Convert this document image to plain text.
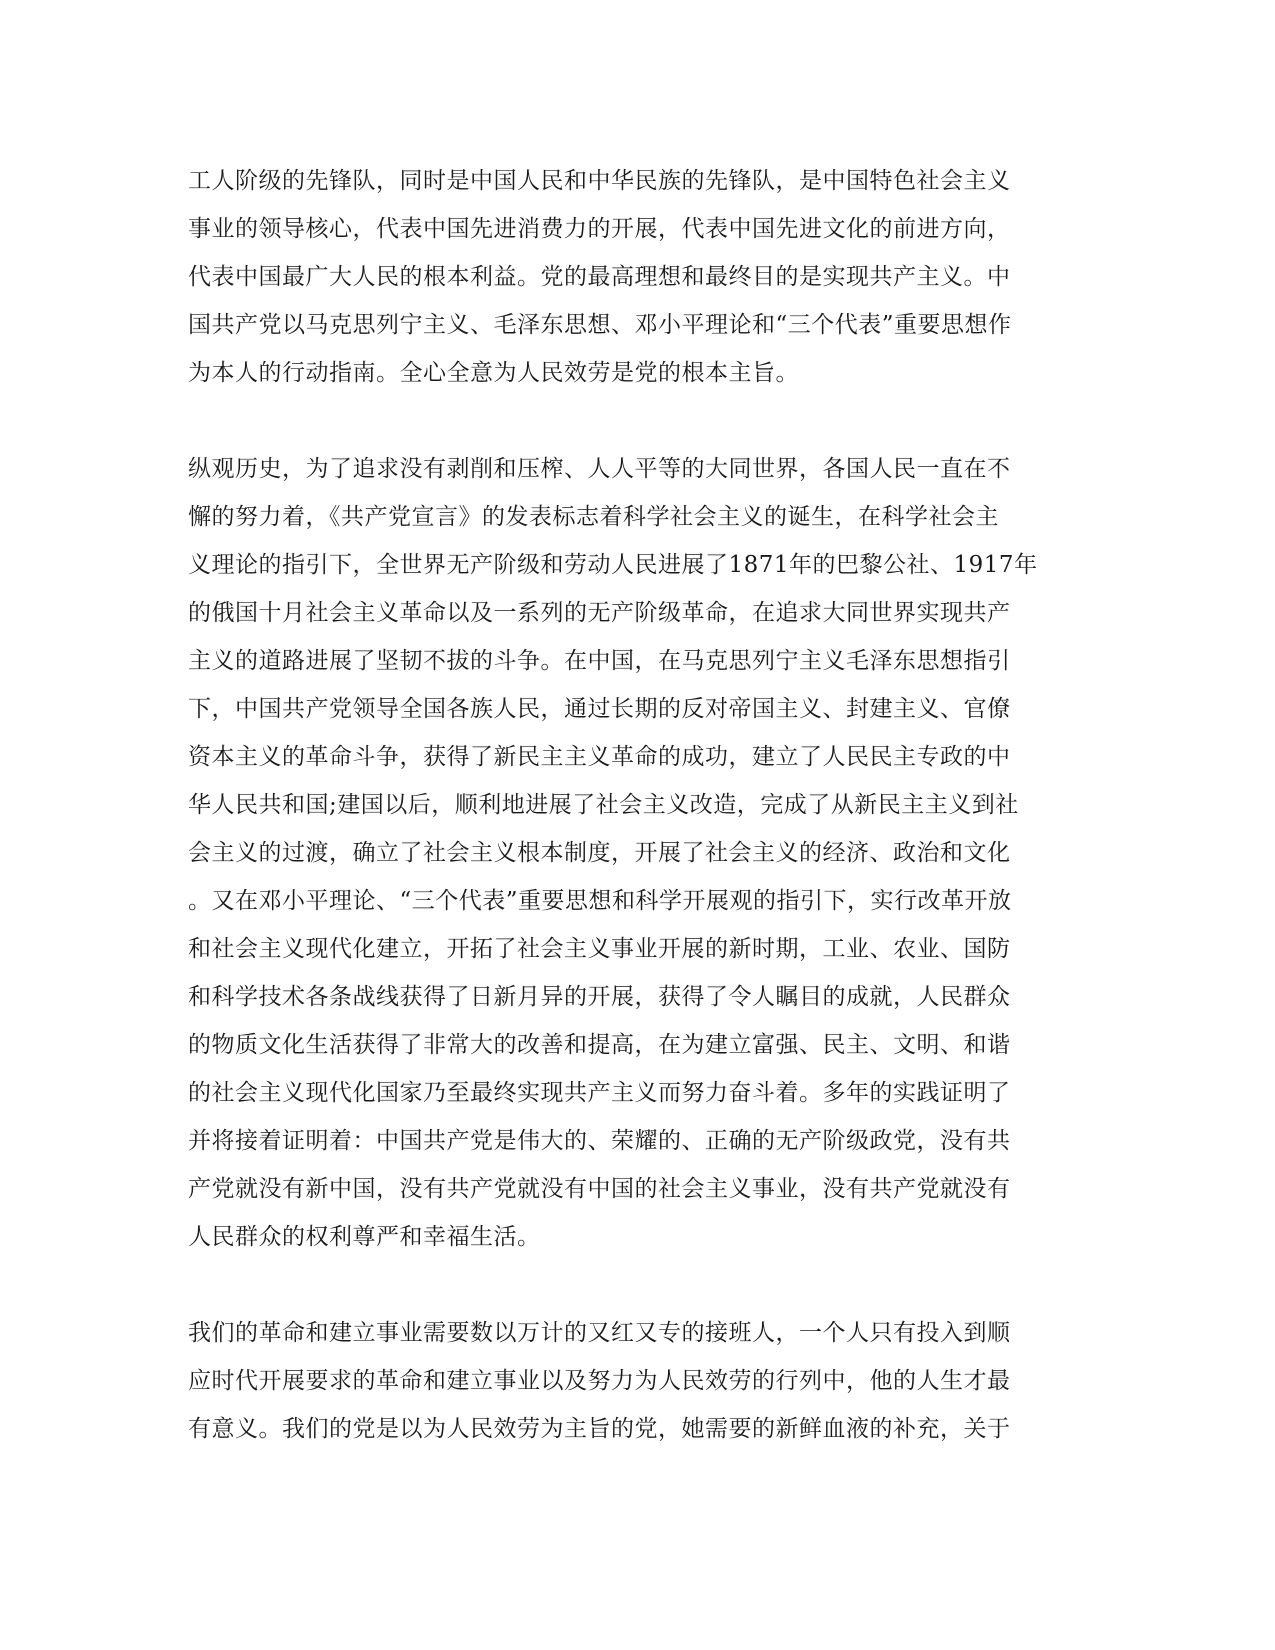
工人阶级的先锋队，同时是中国人民和中华民族的先锋队，是中国特色社会主义
事业的领导核心，代表中国先进消费力的开展，代表中国先进文化的前进方向，
代表中国最广大人民的根本利益。党的最高理想和最终目的是实现共产主义。中
国共产党以马克思列宁主义、毛泽东思想、邓小平理论和“三个代表”重要思想作
为本人的行动指南。全心全意为人民效劳是党的根本主旨。
纵观历史，为了追求没有剥削和压榨、人人平等的大同世界，各国人民一直在不
懈的努力着，《共产党宣言》的发表标志着科学社会主义的诞生，在科学社会主
义理论的指引下，全世界无产阶级和劳动人民进展了1871年的巴黎公社、1917年
的俄国十月社会主义革命以及一系列的无产阶级革命，在追求大同世界实现共产
主义的道路进展了坚韧不拔的斗争。在中国，在马克思列宁主义毛泽东思想指引
下，中国共产党领导全国各族人民，通过长期的反对帝国主义、封建主义、官僚
资本主义的革命斗争，获得了新民主主义革命的成功，建立了人民民主专政的中
华人民共和国;建国以后，顺利地进展了社会主义改造，完成了从新民主主义到社
会主义的过渡，确立了社会主义根本制度，开展了社会主义的经济、政治和文化
。又在邓小平理论、“三个代表”重要思想和科学开展观的指引下，实行改革开放
和社会主义现代化建立，开拓了社会主义事业开展的新时期，工业、农业、国防
和科学技术各条战线获得了日新月异的开展，获得了令人瞩目的成就，人民群众
的物质文化生活获得了非常大的改善和提高，在为建立富强、民主、文明、和谐
的社会主义现代化国家乃至最终实现共产主义而努力奋斗着。多年的实践证明了
并将接着证明着：中国共产党是伟大的、荣耀的、正确的无产阶级政党，没有共
产党就没有新中国，没有共产党就没有中国的社会主义事业，没有共产党就没有
人民群众的权利尊严和幸福生活。
我们的革命和建立事业需要数以万计的又红又专的接班人，一个人只有投入到顺
应时代开展要求的革命和建立事业以及努力为人民效劳的行列中，他的人生才最
有意义。我们的党是以为人民效劳为主旨的党，她需要的新鲜血液的补充，关于
